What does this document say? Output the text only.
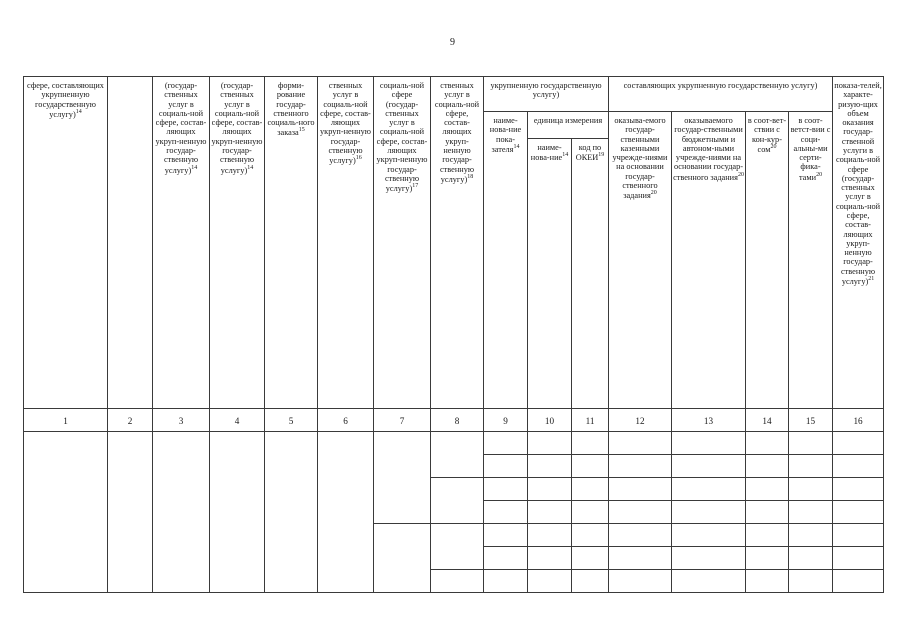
9
сфере, составляющих укрупненную государственную услугу)$^{14}$		(государ-ственных услуг в социаль-ной сфере, состав-ляющих укруп-ненную государ-ственную услугу)$^{14}$	(государ-ственных услуг в социаль-ной сфере, состав-ляющих укруп-ненную государ-ственную услугу)$^{14}$	форми-рование государ-ственного социаль-ного заказа$^{15}$	ственных услуг в социаль-ной сфере, состав-ляющих укруп-ненную государ-ственную услугу)$^{16}$	социаль-ной сфере (государ-ственных услуг в социаль-ной сфере, состав-ляющих укруп-ненную государ-ственную услугу)$^{17}$	ственных услуг в социаль-ной сфере, состав-ляющих укруп-ненную государ-ственную услугу)$^{18}$	укрупненную государственную услугу)			составляющих укрупненную государственную услугу)				показа-телей, характе-ризую-щих объем оказания государ-ственной услуги в социаль-ной сфере (государ-ственных услуг в социаль-ной сфере, состав-ляющих укруп-ненную государ-ственную услугу)$^{21}$
								наиме-нова-ние пока-зателя$^{14}$	единица измерения		оказыва-емого государ-ственными казенными учрежде-ниями на основании государ-ственного задания$^{20}$	оказываемого государ-ственными бюджетными и автоном-ными учрежде-ниями на основании государ-ственного задания$^{20}$	в соот-вет-ствии с кон-кур-сом$^{20}$	в соот-ветст-вии с соци-альны-ми серти-фика-тами$^{20}$
									наиме-нова-ние$^{14}$	код по ОКЕИ$^{19}$
1	2	3	4	5	6	7	8	9	10	11	12	13	14	15	16
